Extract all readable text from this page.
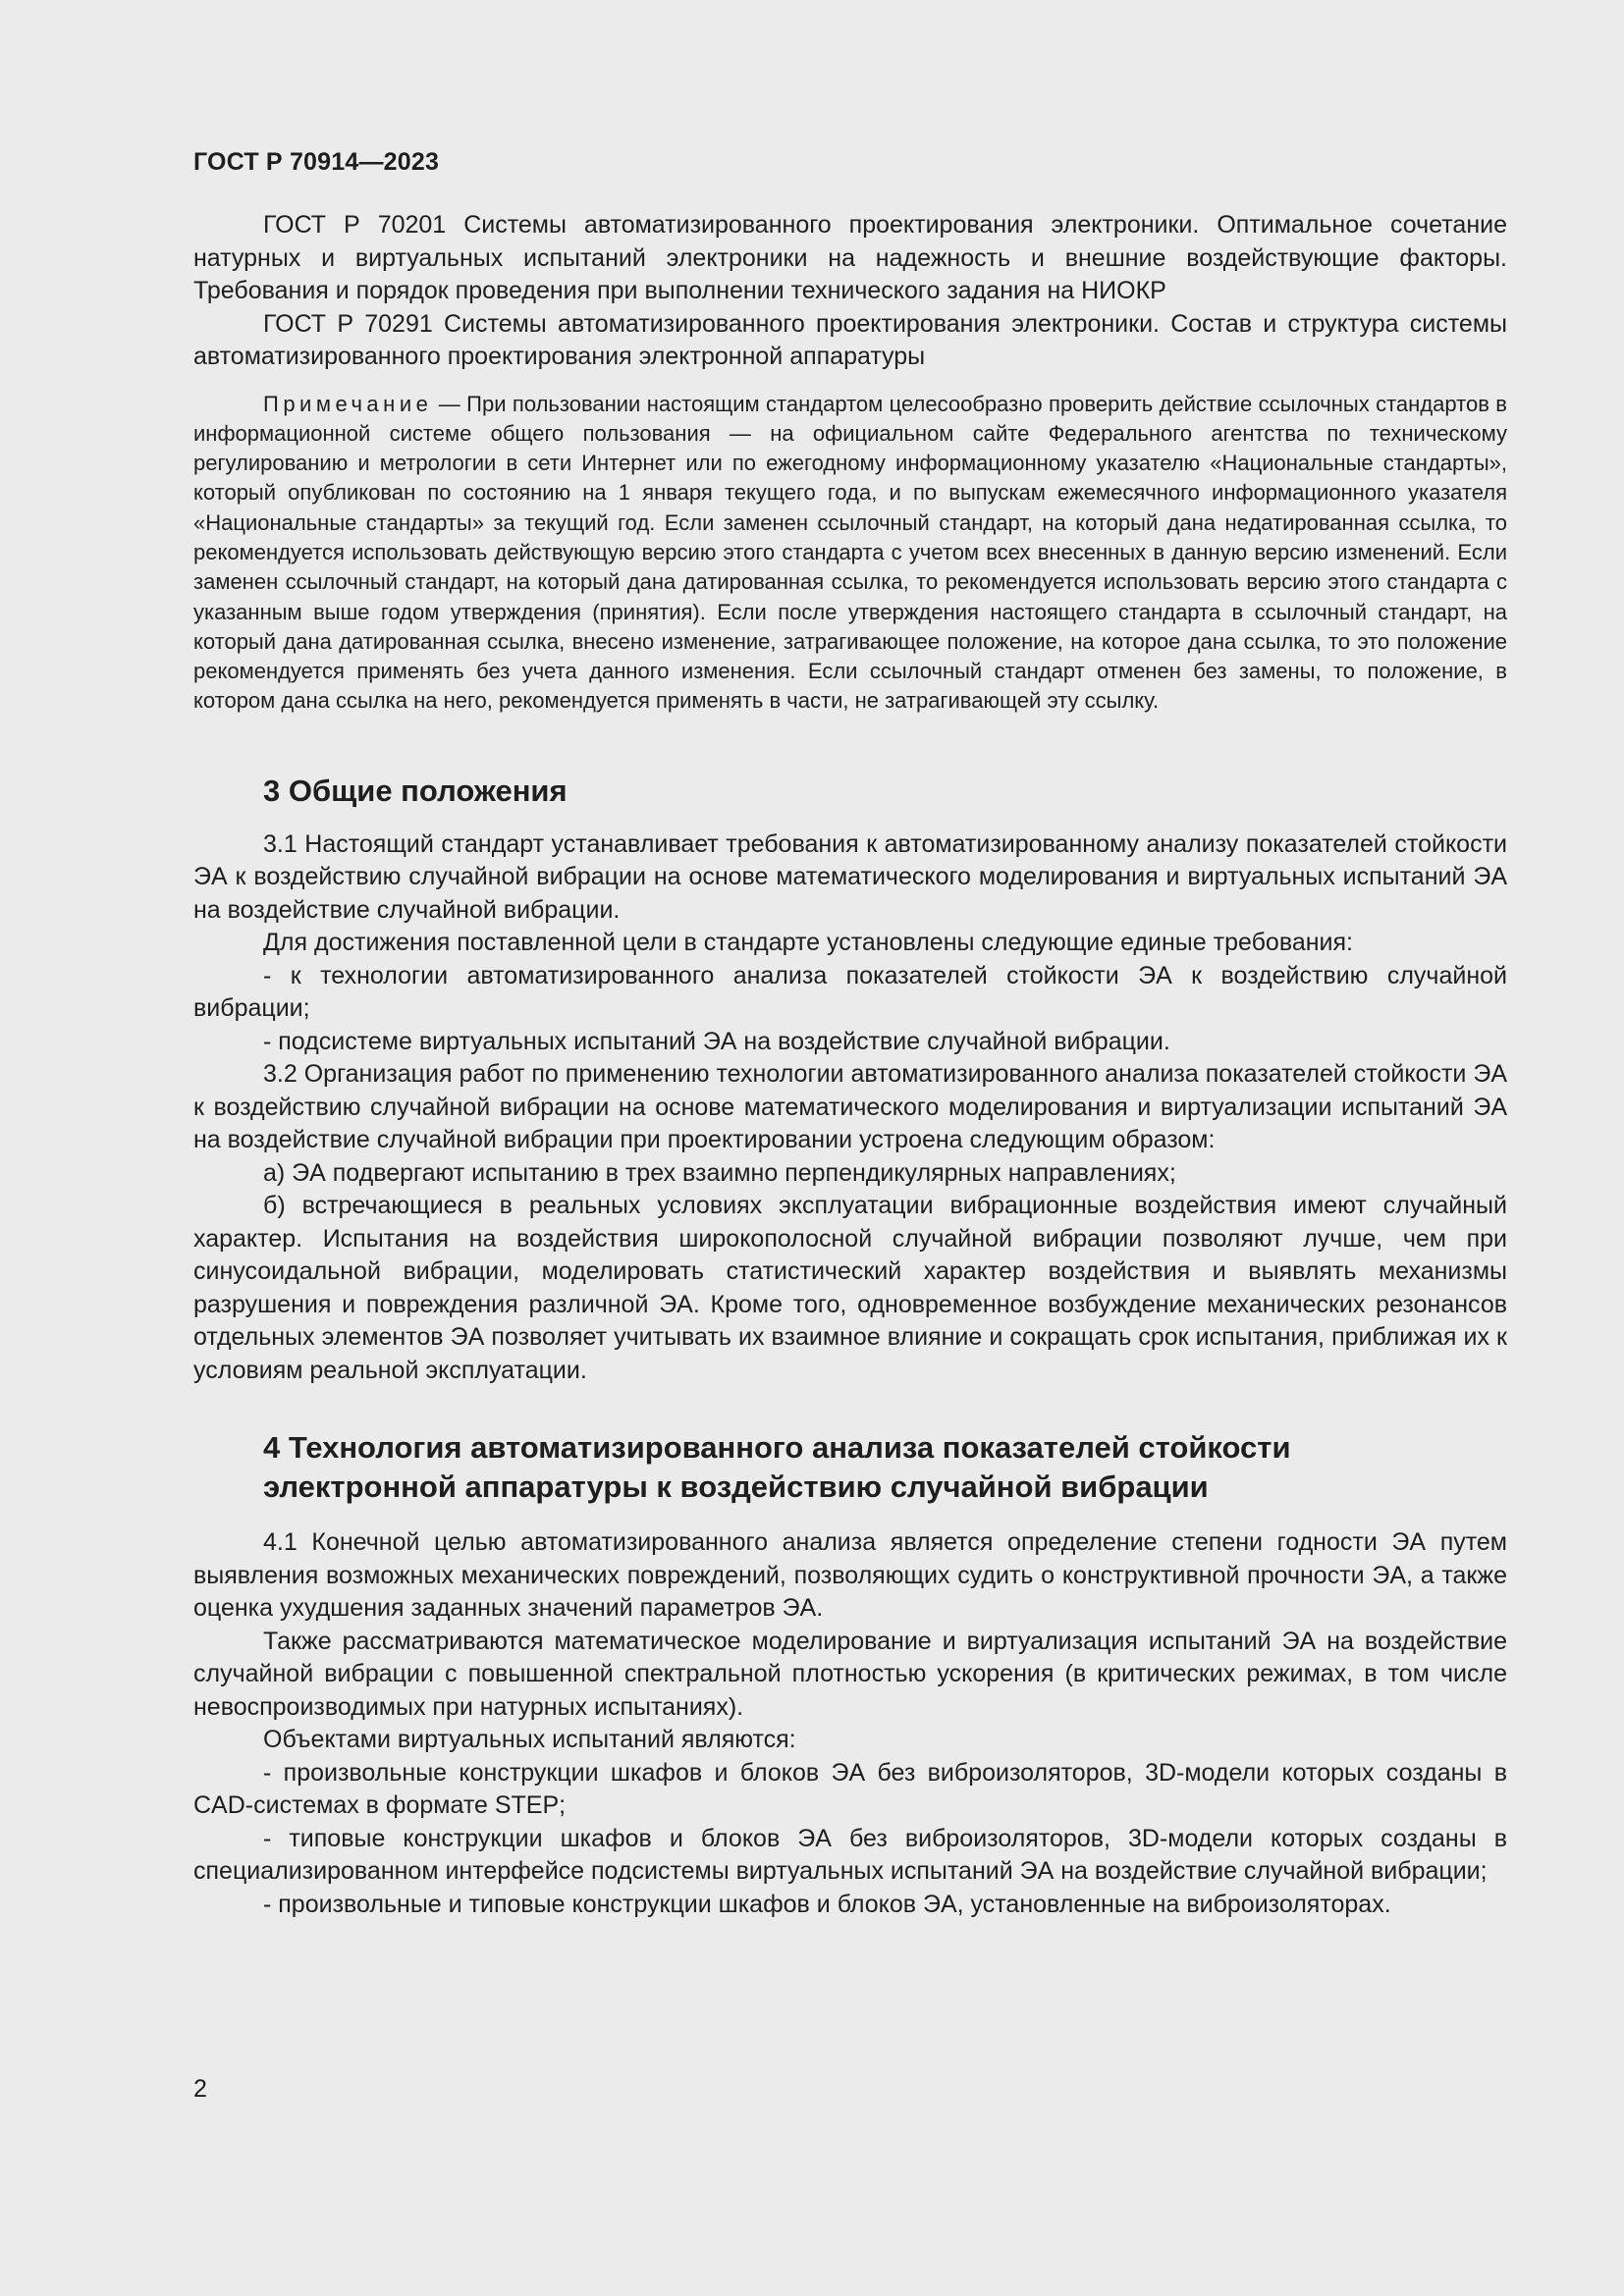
ГОСТ Р 70914—2023

ГОСТ Р 70201 Системы автоматизированного проектирования электроники. Оптимальное сочетание натурных и виртуальных испытаний электроники на надежность и внешние воздействующие факторы. Требования и порядок проведения при выполнении технического задания на НИОКР

ГОСТ Р 70291 Системы автоматизированного проектирования электроники. Состав и структура системы автоматизированного проектирования электронной аппаратуры

Примечание — При пользовании настоящим стандартом целесообразно проверить действие ссылочных стандартов в информационной системе общего пользования — на официальном сайте Федерального агентства по техническому регулированию и метрологии в сети Интернет или по ежегодному информационному указателю «Национальные стандарты», который опубликован по состоянию на 1 января текущего года, и по выпускам ежемесячного информационного указателя «Национальные стандарты» за текущий год. Если заменен ссылочный стандарт, на который дана недатированная ссылка, то рекомендуется использовать действующую версию этого стандарта с учетом всех внесенных в данную версию изменений. Если заменен ссылочный стандарт, на который дана датированная ссылка, то рекомендуется использовать версию этого стандарта с указанным выше годом утверждения (принятия). Если после утверждения настоящего стандарта в ссылочный стандарт, на который дана датированная ссылка, внесено изменение, затрагивающее положение, на которое дана ссылка, то это положение рекомендуется применять без учета данного изменения. Если ссылочный стандарт отменен без замены, то положение, в котором дана ссылка на него, рекомендуется применять в части, не затрагивающей эту ссылку.

3 Общие положения

3.1 Настоящий стандарт устанавливает требования к автоматизированному анализу показателей стойкости ЭА к воздействию случайной вибрации на основе математического моделирования и виртуальных испытаний ЭА на воздействие случайной вибрации.

Для достижения поставленной цели в стандарте установлены следующие единые требования:

- к технологии автоматизированного анализа показателей стойкости ЭА к воздействию случайной вибрации;

- подсистеме виртуальных испытаний ЭА на воздействие случайной вибрации.

3.2 Организация работ по применению технологии автоматизированного анализа показателей стойкости ЭА к воздействию случайной вибрации на основе математического моделирования и виртуализации испытаний ЭА на воздействие случайной вибрации при проектировании устроена следующим образом:

а) ЭА подвергают испытанию в трех взаимно перпендикулярных направлениях;

б) встречающиеся в реальных условиях эксплуатации вибрационные воздействия имеют случайный характер. Испытания на воздействия широкополосной случайной вибрации позволяют лучше, чем при синусоидальной вибрации, моделировать статистический характер воздействия и выявлять механизмы разрушения и повреждения различной ЭА. Кроме того, одновременное возбуждение механических резонансов отдельных элементов ЭА позволяет учитывать их взаимное влияние и сокращать срок испытания, приближая их к условиям реальной эксплуатации.

4 Технология автоматизированного анализа показателей стойкости
электронной аппаратуры к воздействию случайной вибрации

4.1 Конечной целью автоматизированного анализа является определение степени годности ЭА путем выявления возможных механических повреждений, позволяющих судить о конструктивной прочности ЭА, а также оценка ухудшения заданных значений параметров ЭА.

Также рассматриваются математическое моделирование и виртуализация испытаний ЭА на воздействие случайной вибрации с повышенной спектральной плотностью ускорения (в критических режимах, в том числе невоспроизводимых при натурных испытаниях).

Объектами виртуальных испытаний являются:

- произвольные конструкции шкафов и блоков ЭА без виброизоляторов, 3D-модели которых созданы в CAD-системах в формате STEP;

- типовые конструкции шкафов и блоков ЭА без виброизоляторов, 3D-модели которых созданы в специализированном интерфейсе подсистемы виртуальных испытаний ЭА на воздействие случайной вибрации;

- произвольные и типовые конструкции шкафов и блоков ЭА, установленные на виброизоляторах.

2
